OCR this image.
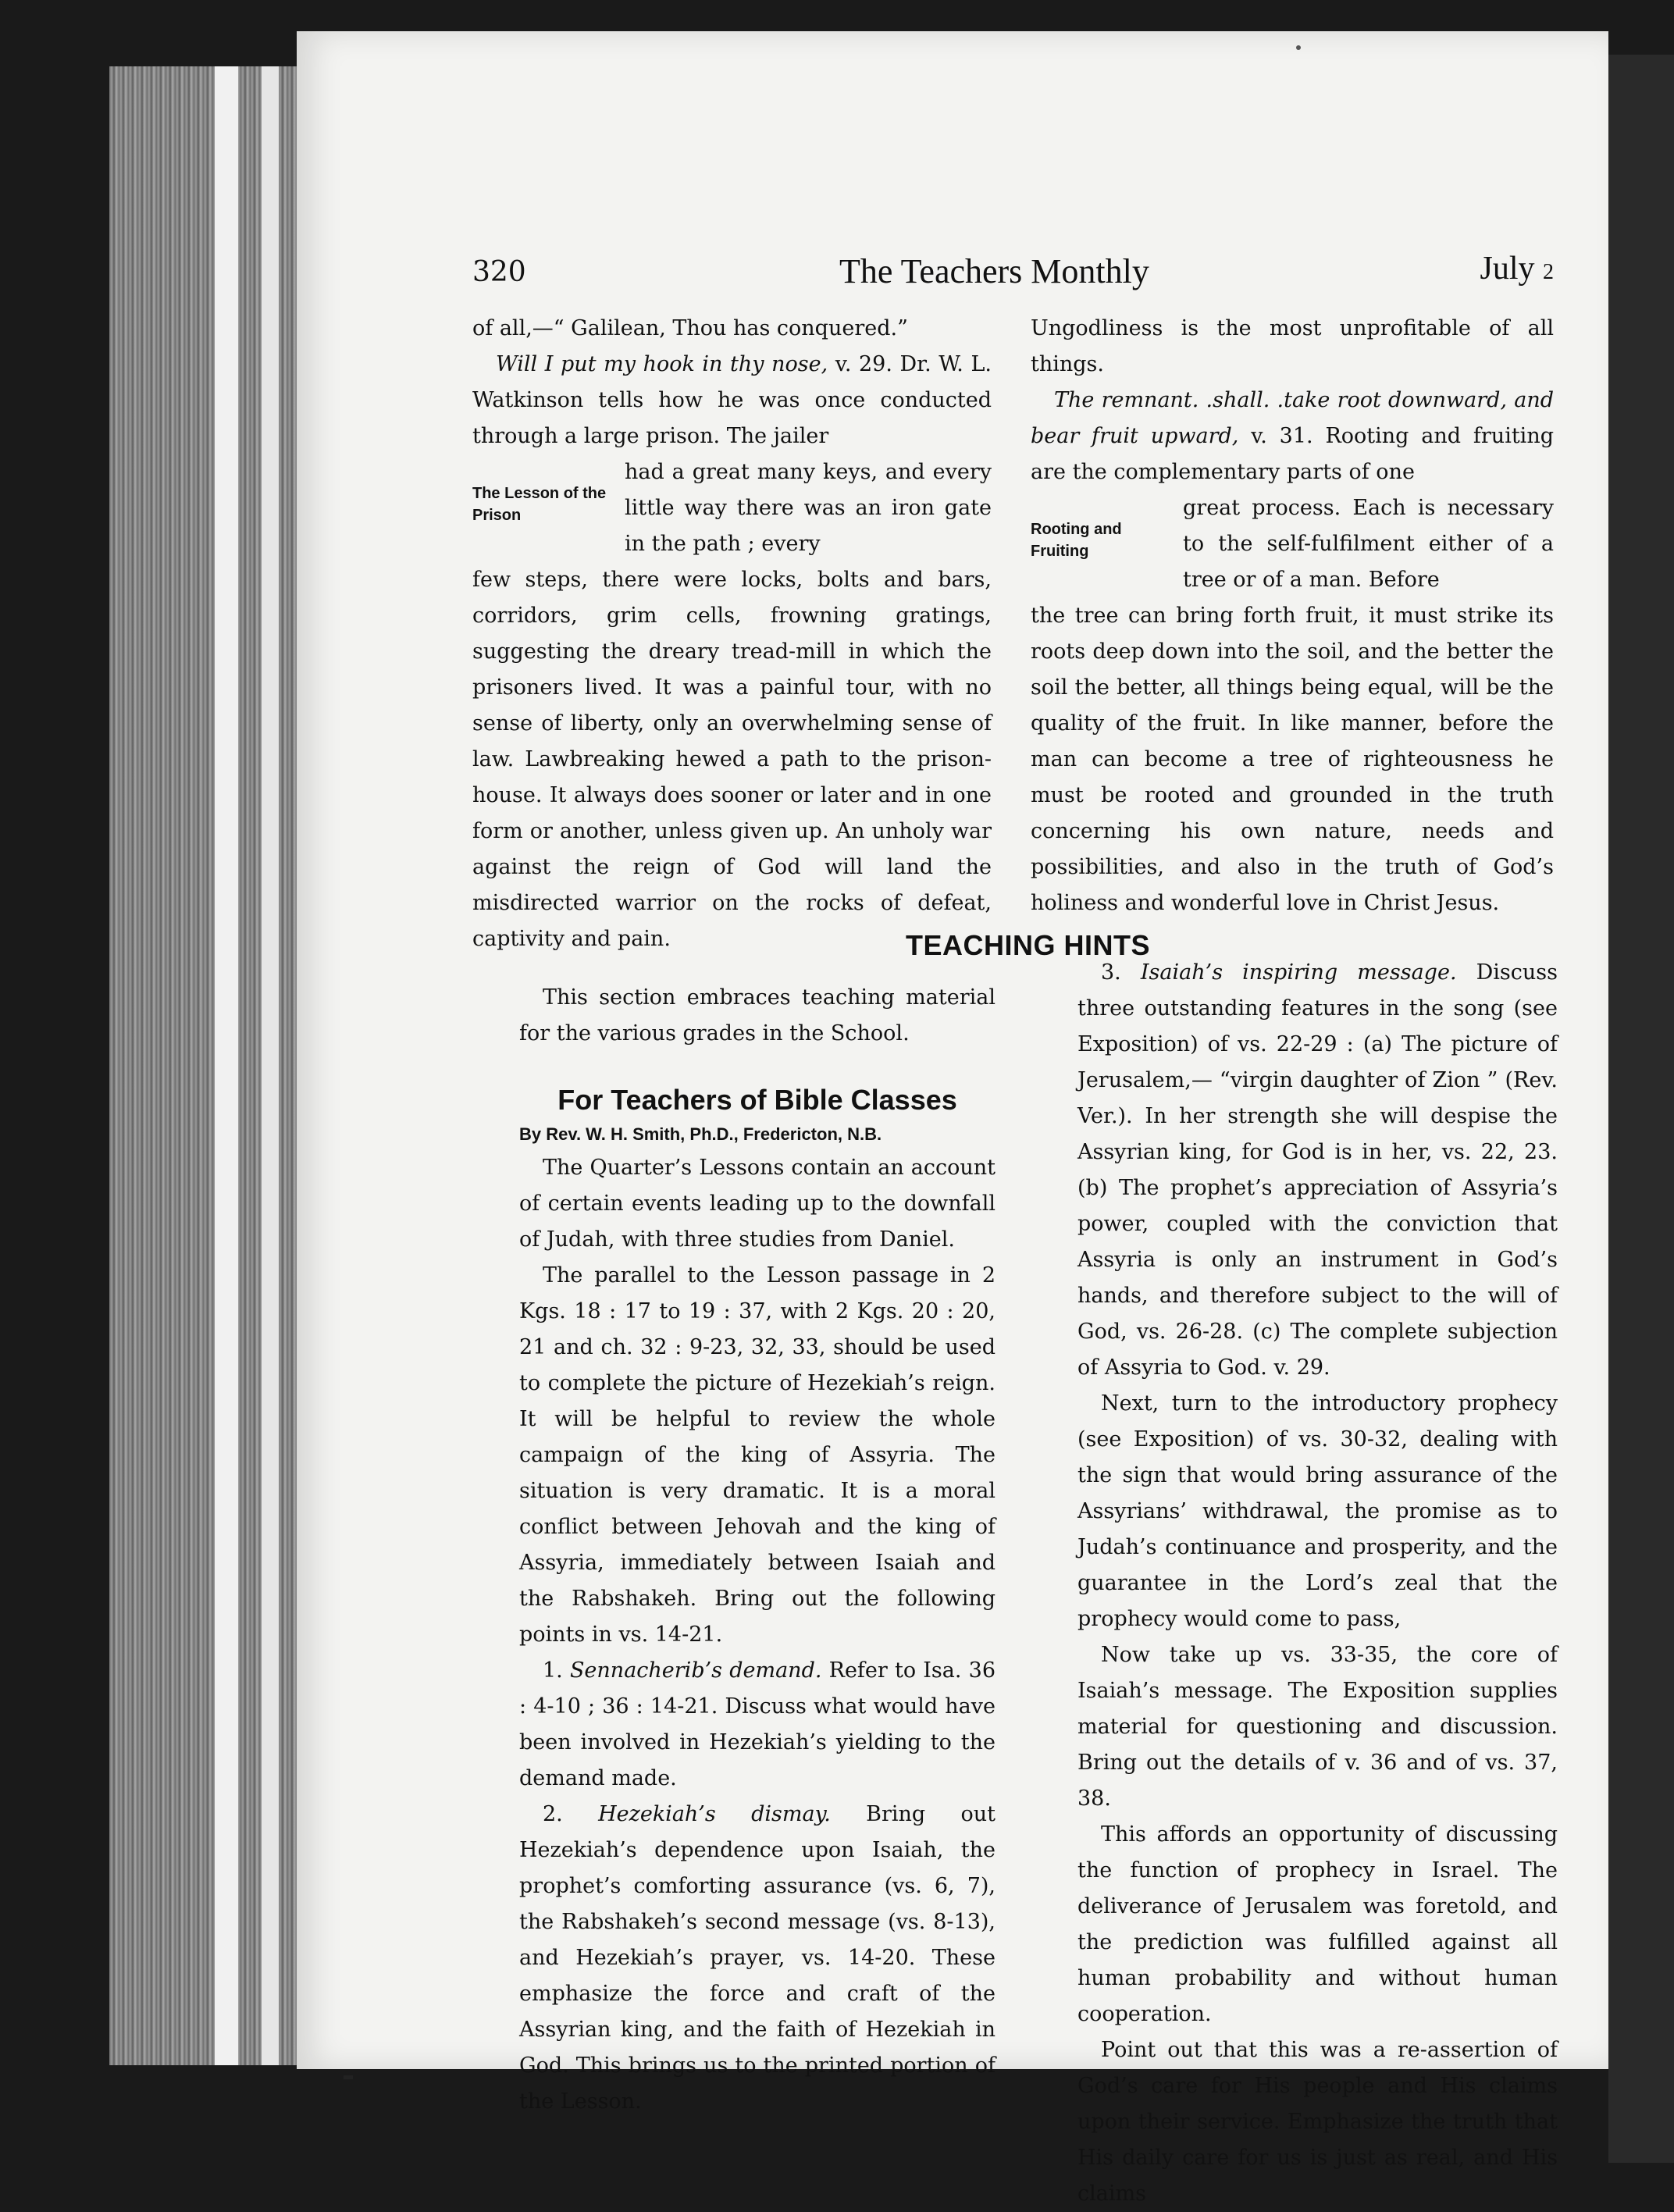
320	The Teachers Monthly	July 2

of all,—“ Galilean, Thou has conquered.”

Will I put my hook in thy nose, v. 29. Dr. W. L. Watkinson tells how he was once conducted through a large prison. The jailer

The Lesson of the Prison

had a great many keys, and every little way there was an iron gate in the path ; every

few steps, there were locks, bolts and bars, corridors, grim cells, frowning gratings, suggesting the dreary tread-mill in which the prisoners lived. It was a painful tour, with no sense of liberty, only an overwhelming sense of law. Lawbreaking hewed a path to the prison-house. It always does sooner or later and in one form or another, unless given up. An unholy war against the reign of God will land the misdirected warrior on the rocks of defeat, captivity and pain.

Ungodliness is the most unprofitable of all things.

The remnant. .shall. .take root downward, and bear fruit upward, v. 31. Rooting and fruiting are the complementary parts of one

Rooting and Fruiting

great process. Each is necessary to the self-fulfilment either of a tree or of a man. Before

the tree can bring forth fruit, it must strike its roots deep down into the soil, and the better the soil the better, all things being equal, will be the quality of the fruit. In like manner, before the man can become a tree of righteousness he must be rooted and grounded in the truth concerning his own nature, needs and possibilities, and also in the truth of God’s holiness and wonderful love in Christ Jesus.

TEACHING HINTS

This section embraces teaching material for the various grades in the School.

For Teachers of Bible Classes
By Rev. W. H. Smith, Ph.D., Fredericton, N.B.

The Quarter’s Lessons contain an account of certain events leading up to the downfall of Judah, with three studies from Daniel.

The parallel to the Lesson passage in 2 Kgs. 18 : 17 to 19 : 37, with 2 Kgs. 20 : 20, 21 and ch. 32 : 9-23, 32, 33, should be used to complete the picture of Hezekiah’s reign. It will be helpful to review the whole campaign of the king of Assyria. The situation is very dramatic. It is a moral conflict between Jehovah and the king of Assyria, immediately between Isaiah and the Rabshakeh. Bring out the following points in vs. 14-21.

1. Sennacherib’s demand. Refer to Isa. 36 : 4-10 ; 36 : 14-21. Discuss what would have been involved in Hezekiah’s yielding to the demand made.

2. Hezekiah’s dismay. Bring out Hezekiah’s dependence upon Isaiah, the prophet’s comforting assurance (vs. 6, 7), the Rabshakeh’s second message (vs. 8-13), and Hezekiah’s prayer, vs. 14-20. These emphasize the force and craft of the Assyrian king, and the faith of Hezekiah in God. This brings us to the printed portion of the Lesson.

3. Isaiah’s inspiring message. Discuss three outstanding features in the song (see Exposition) of vs. 22-29 : (a) The picture of Jerusalem,— “virgin daughter of Zion ” (Rev. Ver.). In her strength she will despise the Assyrian king, for God is in her, vs. 22, 23. (b) The prophet’s appreciation of Assyria’s power, coupled with the conviction that Assyria is only an instrument in God’s hands, and therefore subject to the will of God, vs. 26-28. (c) The complete subjection of Assyria to God. v. 29.

Next, turn to the introductory prophecy (see Exposition) of vs. 30-32, dealing with the sign that would bring assurance of the Assyrians’ withdrawal, the promise as to Judah’s continuance and prosperity, and the guarantee in the Lord’s zeal that the prophecy would come to pass,

Now take up vs. 33-35, the core of Isaiah’s message. The Exposition supplies material for questioning and discussion. Bring out the details of v. 36 and of vs. 37, 38.

This affords an opportunity of discussing the function of prophecy in Israel. The deliverance of Jerusalem was foretold, and the prediction was fulfilled against all human probability and without human cooperation.

Point out that this was a re-assertion of God’s care for His people and His claims upon their service. Emphasize the truth that His daily care for us is just as real, and His claims
